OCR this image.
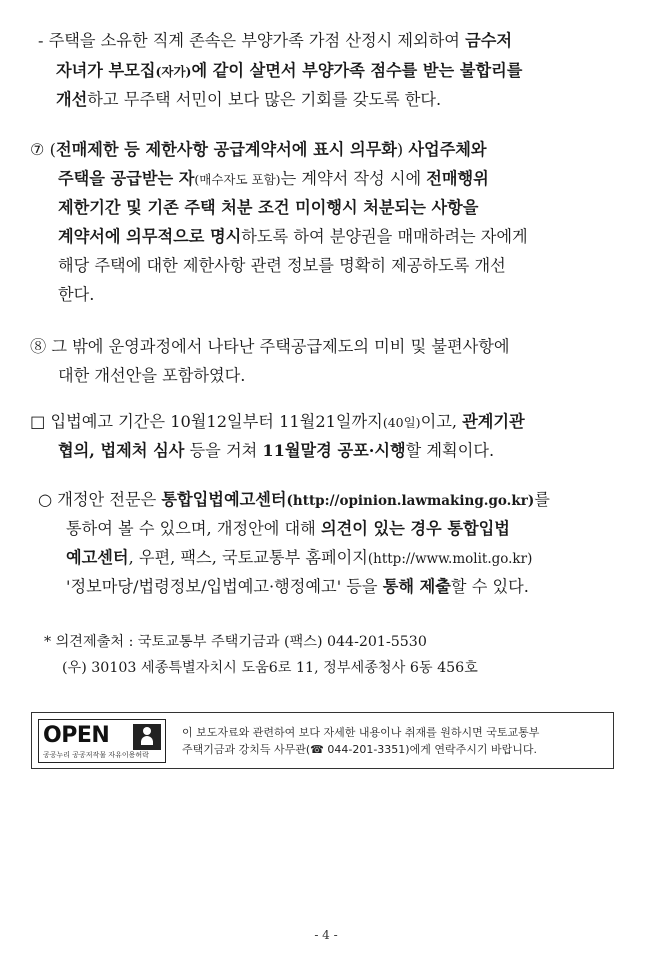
- 주택을 소유한 직계 존속은 부양가족 가점 산정시 제외하여 금수저
자녀가 부모집(자가)에 같이 살면서 부양가족 점수를 받는 불합리를
개선하고 무주택 서민이 보다 많은 기회를 갖도록 한다.
⑦ (전매제한 등 제한사항 공급계약서에 표시 의무화) 사업주체와
주택을 공급받는 자(매수자도 포함)는 계약서 작성 시에 전매행위
제한기간 및 기존 주택 처분 조건 미이행시 처분되는 사항을
계약서에 의무적으로 명시하도록 하여 분양권을 매매하려는 자에게
해당 주택에 대한 제한사항 관련 정보를 명확히 제공하도록 개선
한다.
⑧ 그 밖에 운영과정에서 나타난 주택공급제도의 미비 및 불편사항에
대한 개선안을 포함하였다.
□ 입법예고 기간은 10월12일부터 11월21일까지(40일)이고, 관계기관
협의, 법제처 심사 등을 거쳐 11월말경 공포·시행할 계획이다.
○ 개정안 전문은 통합입법예고센터(http://opinion.lawmaking.go.kr)를
통하여 볼 수 있으며, 개정안에 대해 의견이 있는 경우 통합입법
예고센터, 우편, 팩스, 국토교통부 홈페이지(http://www.molit.go.kr)
'정보마당/법령정보/입법예고·행정예고' 등을 통해 제출할 수 있다.
* 의견제출처 : 국토교통부 주택기금과 (팩스) 044-201-5530
(우) 30103 세종특별자치시 도움6로 11, 정부세종청사 6동 456호
OPEN
공공누리 공공저작물 자유이용허락
이 보도자료와 관련하여 보다 자세한 내용이나 취재를 원하시면 국토교통부
주택기금과 강치득 사무관(☎ 044-201-3351)에게 연락주시기 바랍니다.
- 4 -
